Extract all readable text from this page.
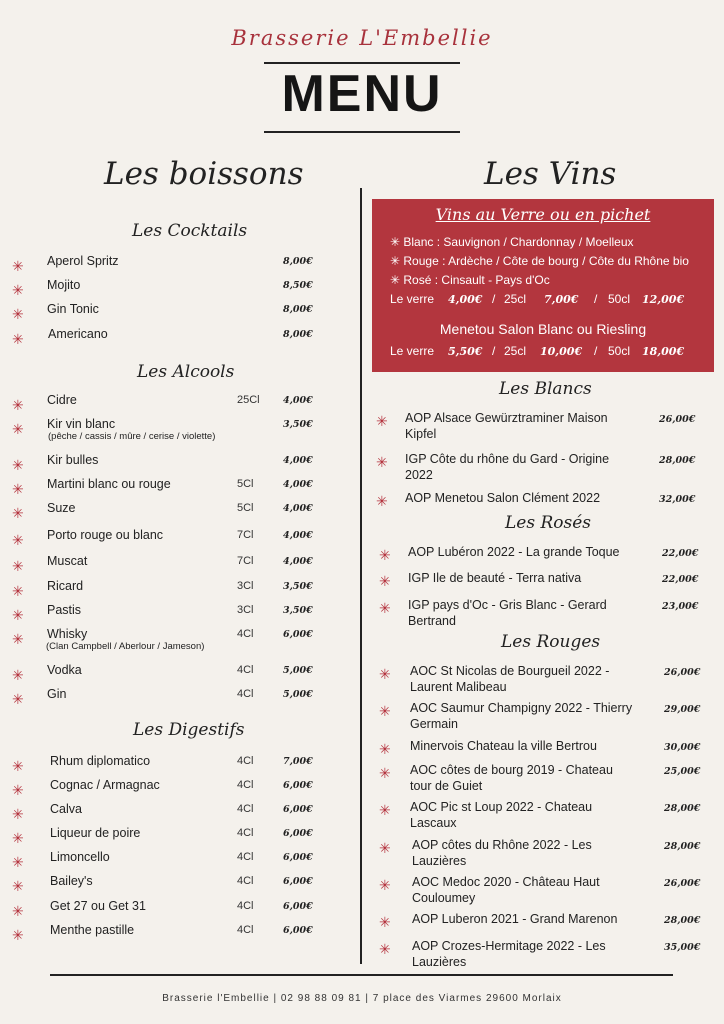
Brasserie L'Embellie
MENU
Les boissons	Les Vins
Les Cocktails
✳ Aperol Spritz	8,00€
✳ Mojito	8,50€
✳ Gin Tonic	8,00€
✳ Americano	8,00€
Les Alcools
✳ Cidre	25Cl 4,00€
✳ Kir vin blanc
(pêche / cassis / mûre / cerise / violette)
3,50€
✳ Kir bulles	4,00€
✳ Martini blanc ou rouge	5Cl	4,00€
✳ Suze	5Cl	4,00€
✳ Porto rouge ou blanc	7Cl	4,00€
✳ Muscat	7Cl	4,00€
✳ Ricard	3Cl	3,50€
✳ Pastis	3Cl	3,50€
✳ Whisky
(Clan Campbell / Aberlour / Jameson)
4Cl	6,00€
✳ Vodka	4Cl	5,00€
✳ Gin	4Cl	5,00€
Les Digestifs
✳ Rhum diplomatico	4Cl	7,00€
✳ Cognac / Armagnac	4Cl	6,00€
✳ Calva	4Cl	6,00€
✳ Liqueur de poire	4Cl	6,00€
✳ Limoncello	4Cl	6,00€
✳ Bailey's	4Cl	6,00€
✳ Get 27 ou Get 31	4Cl	6,00€
✳ Menthe pastille	4Cl	6,00€
Vins au Verre ou en pichet
✳ Blanc : Sauvignon / Chardonnay / Moelleux
✳ Rouge : Ardèche / Côte de bourg / Côte du Rhône bio
✳ Rosé : Cinsault - Pays d'Oc
Le verre 4,00€ / 25cl 7,00€ / 50cl 12,00€
Menetou Salon Blanc ou Riesling
Le verre 5,50€ / 25cl 10,00€ / 50cl 18,00€
Les Blancs
✳ AOP Alsace Gewürztraminer Maison Kipfel
26,00€
✳ IGP Côte du rhône du Gard - Origine 2022
28,00€
✳ AOP Menetou Salon Clément 2022	32,00€
Les Rosés
✳ AOP Lubéron 2022 - La grande Toque	22,00€
✳ IGP Ile de beauté - Terra nativa	22,00€
✳ IGP pays d'Oc - Gris Blanc - Gerard Bertrand
23,00€
Les Rouges
✳ AOC St Nicolas de Bourgueil 2022 - Laurent Malibeau
26,00€
✳ AOC Saumur Champigny 2022 - Thierry Germain
29,00€
✳ Minervois Chateau la ville Bertrou	30,00€
✳ AOC côtes de bourg 2019 - Chateau tour de Guiet
25,00€
✳ AOC Pic st Loup 2022 - Chateau Lascaux
28,00€
✳ AOP côtes du Rhône 2022 - Les Lauzières
28,00€
✳ AOC Medoc 2020 - Château Haut Couloumey
26,00€
✳ AOP Luberon 2021 - Grand Marenon	28,00€
✳ AOP Crozes-Hermitage 2022 - Les Lauzières
35,00€
Brasserie l'Embellie | 02 98 88 09 81 | 7 place des Viarmes 29600 Morlaix
